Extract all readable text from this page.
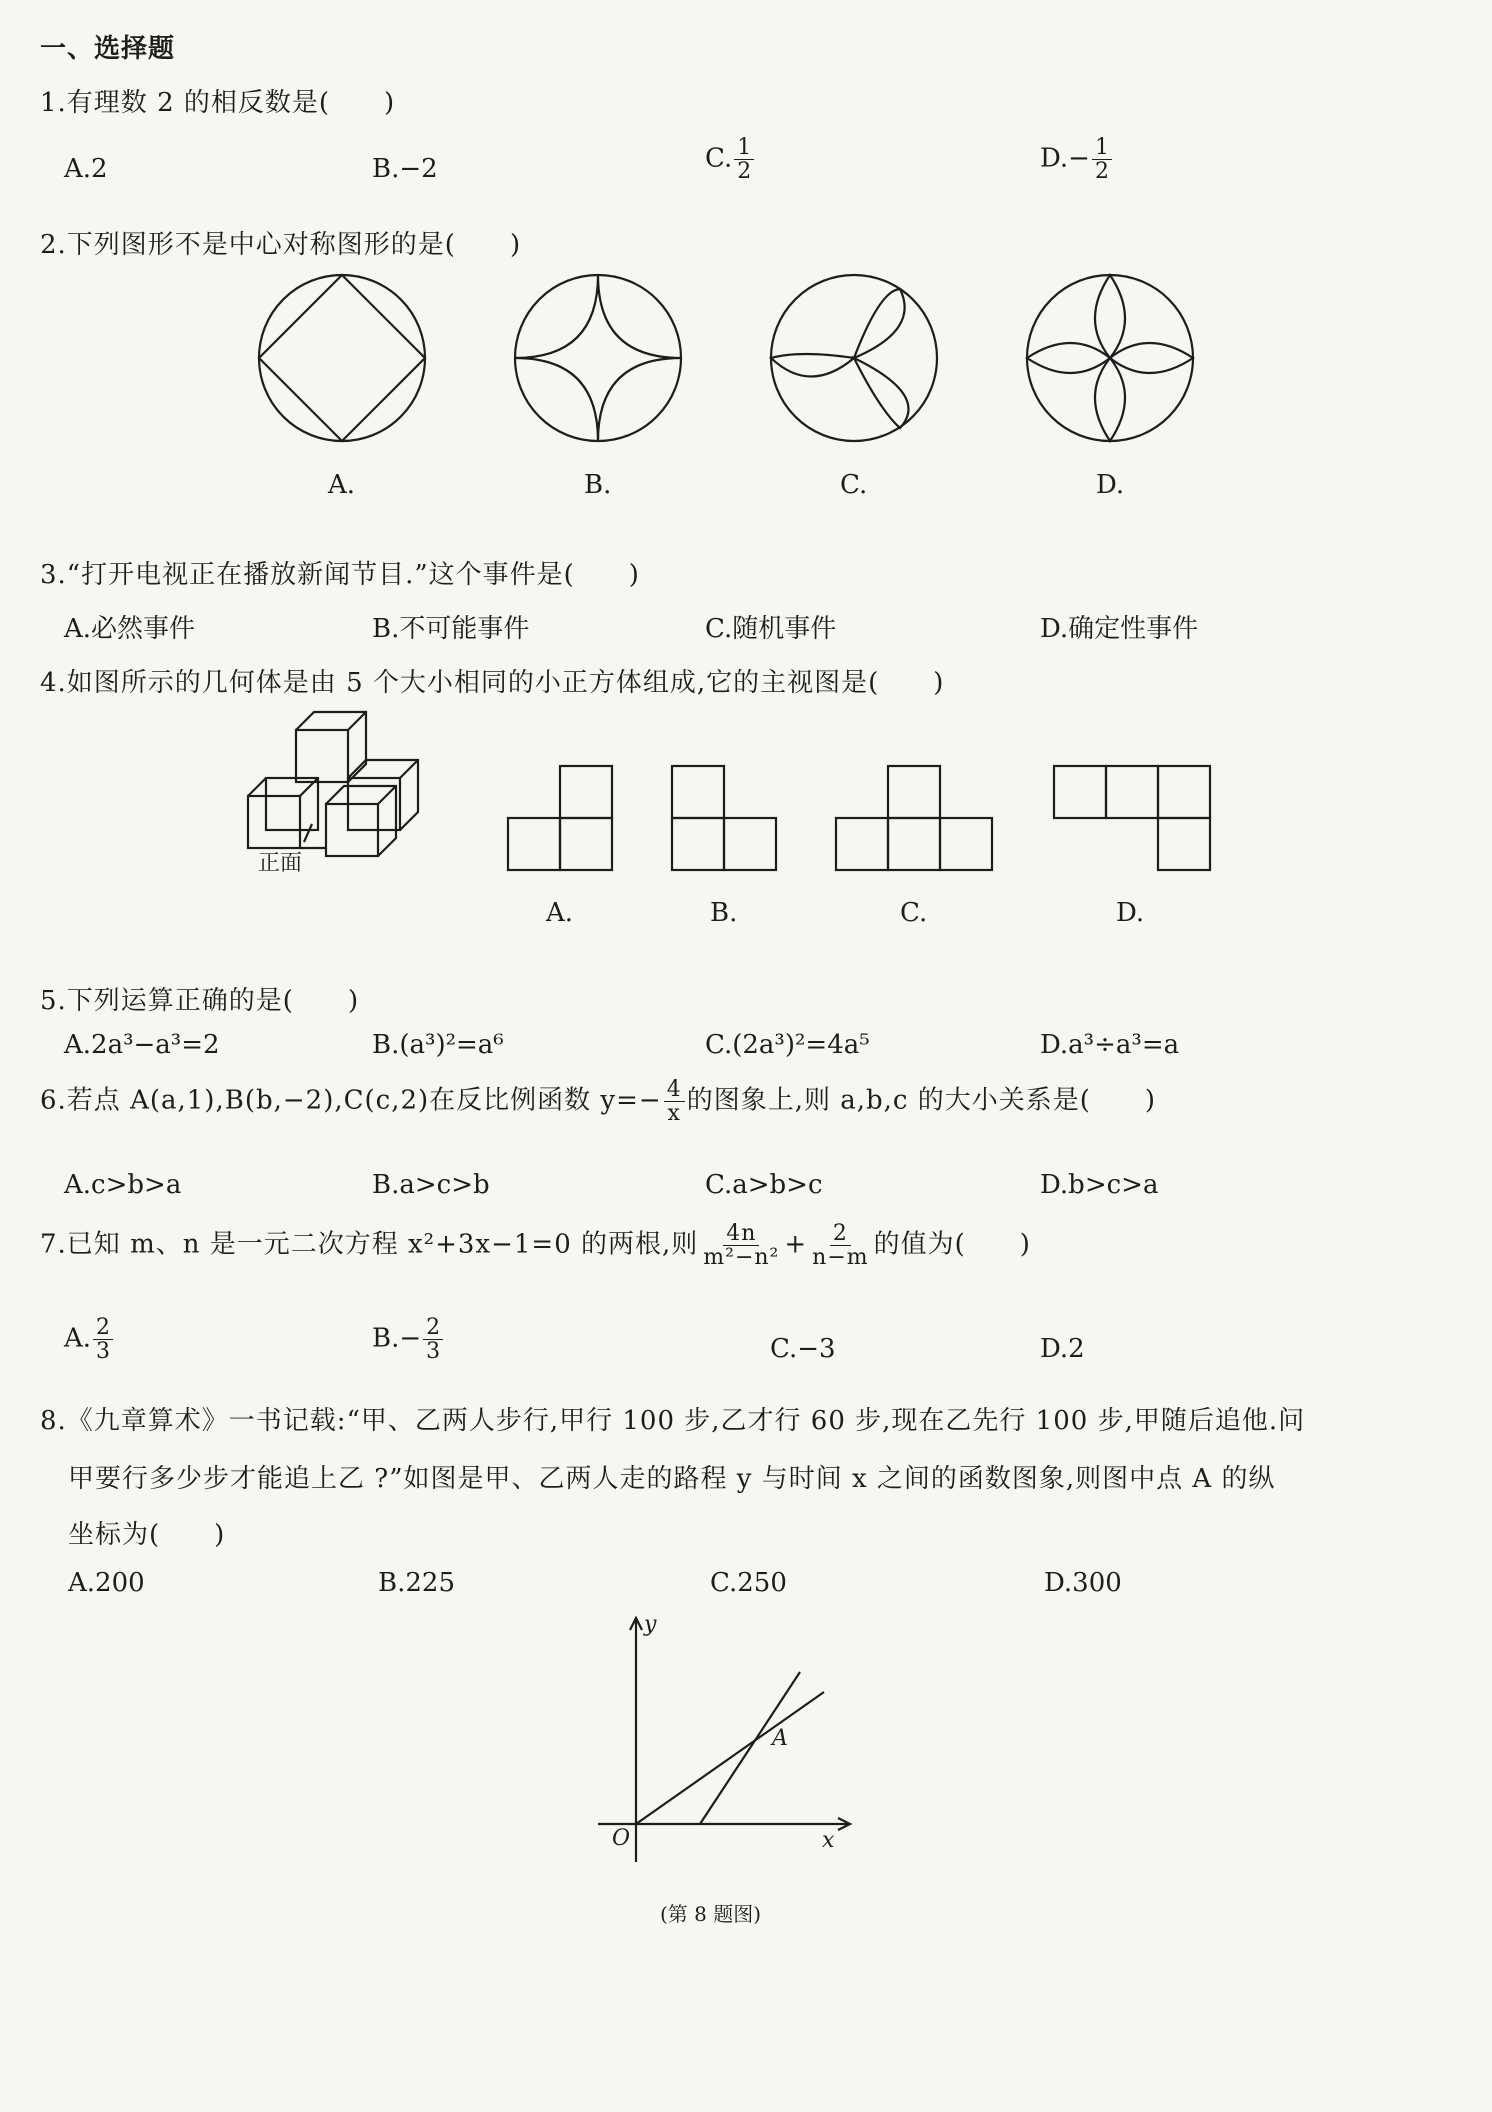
一、选择题
1.有理数 2 的相反数是(　　)
A.2	B.−2	C. $\frac{1}{2}$	$D.- \frac{1}{2}$
2.下列图形不是中心对称图形的是(　　)
A.	B.	C.	D.
3.“打开电视正在播放新闻节目.”这个事件是(　　)
A.必然事件	B.不可能事件	C.随机事件	D.确定性事件
4.如图所示的几何体是由 5 个大小相同的小正方体组成,它的主视图是(　　)
正面
A.	B.	C.	D.
5.下列运算正确的是(　　)
A.2a³−a³=2	B.(a³)²=a⁶	C.(2a³)²=4a⁵	D.a³÷a³=a
6.若点 A(a,1),B(b,−2),C(c,2)在反比例函数 $y=- \frac{4}{x}$ 的图象上,则 a,b,c 的大小关系是(　　)
A.c>b>a	B.a>c>b	C.a>b>c	D.b>c>a
7.已知 m、n 是一元二次方程 x²+3x−1=0 的两根,则 $\frac{4n}{\text{m²−n²}} + \frac{2}{n-m}$ 的值为(　　)
A. $\frac{2}{3}$	$B.- \frac{2}{3}$	C.−3	D.2
8.《九章算术》一书记载:“甲、乙两人步行,甲行 100 步,乙才行 60 步,现在乙先行 100 步,甲随后追他.问
甲要行多少步才能追上乙 ?”如图是甲、乙两人走的路程 y 与时间 x 之间的函数图象,则图中点 A 的纵
坐标为(　　)
A.200	B.225	C.250	D.300
y
x
O
A
(第 8 题图)
